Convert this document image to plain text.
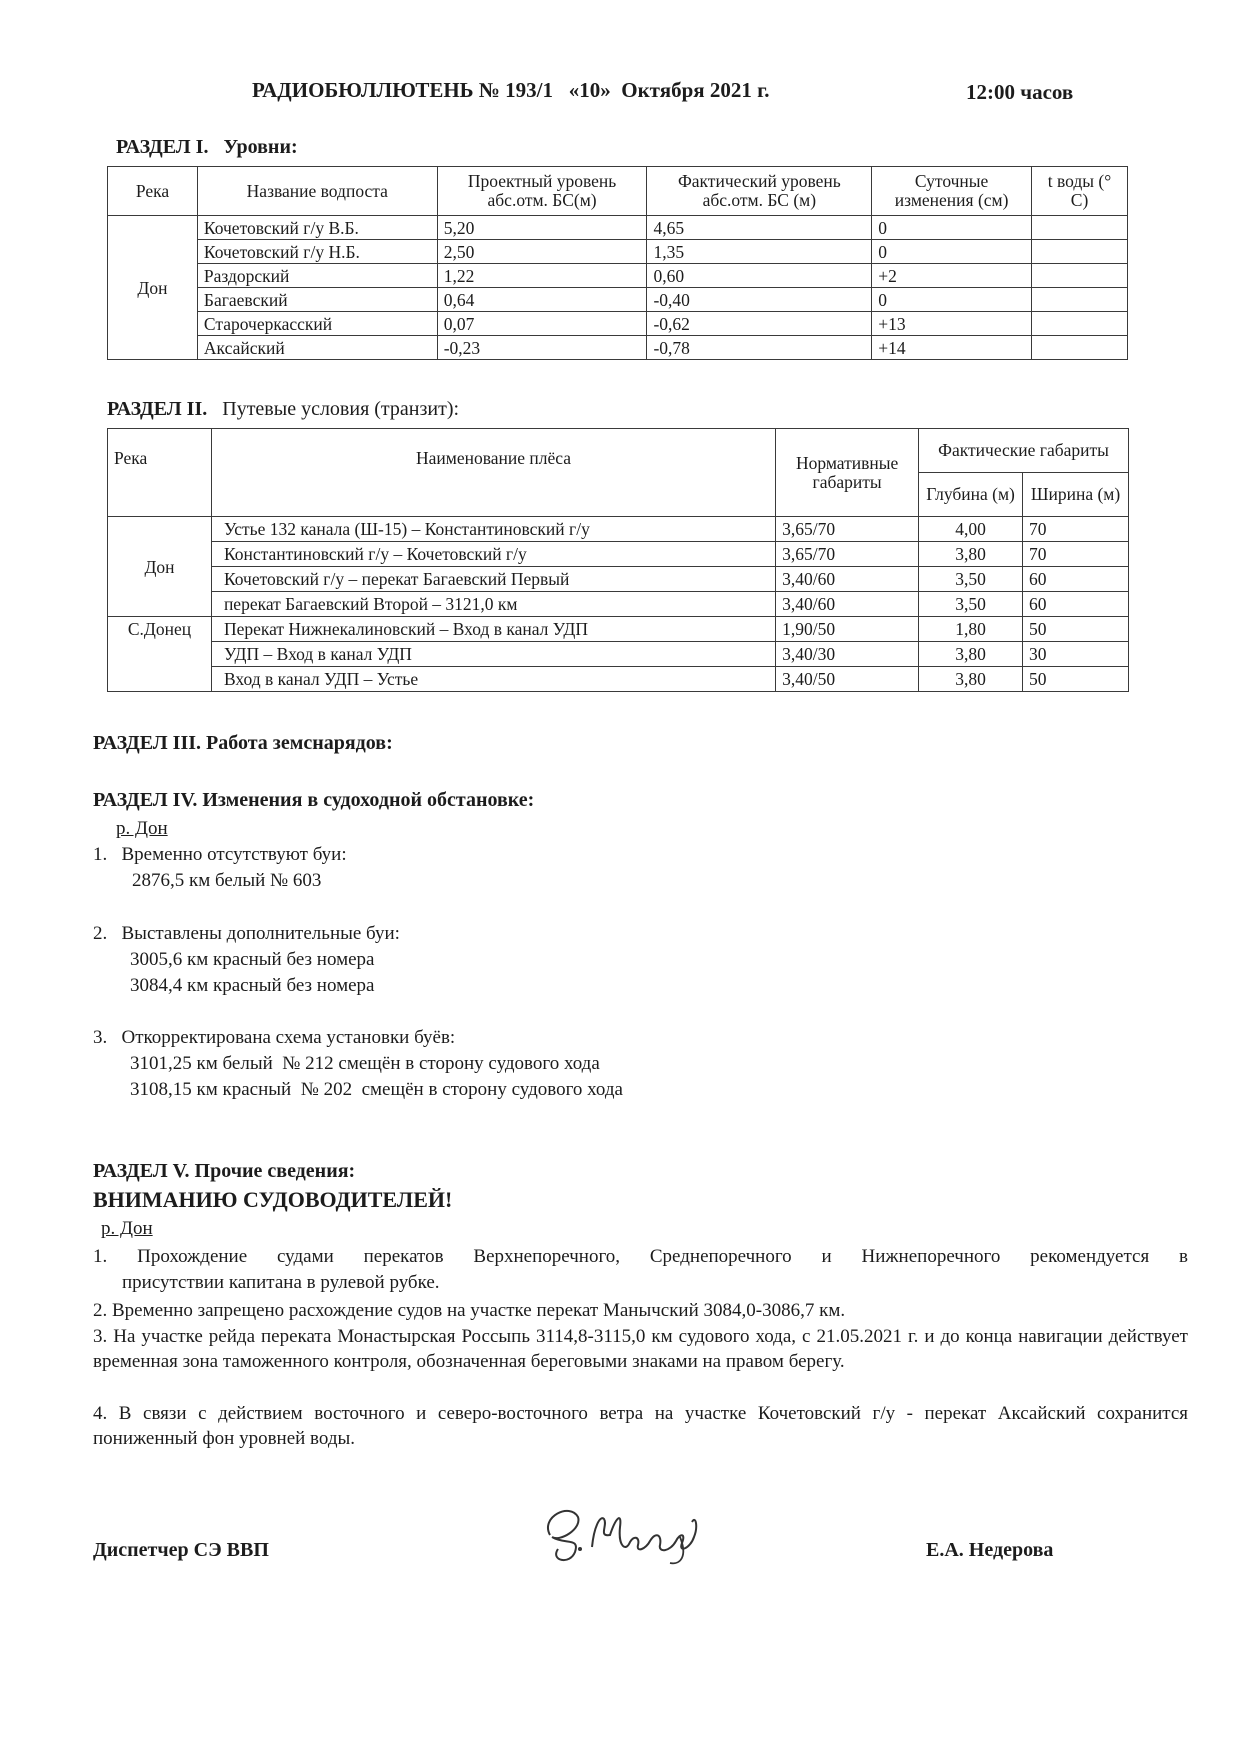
РАДИОБЮЛЛЮТЕНЬ № 193/1   «10»  Октября 2021 г.	12:00 часов
РАЗДЕЛ I. Уровни:
Река	Название водпоста	Проектный уровень абс.отм. БС(м)	Фактический уровень абс.отм. БС (м)	Суточные изменения (см)	t воды (° С)
Дон	Кочетовский г/у В.Б.	5,20	4,65	0	
	Кочетовский г/у Н.Б.	2,50	1,35	0	
	Раздорский	1,22	0,60	+2	
	Багаевский	0,64	-0,40	0	
	Старочеркасский	0,07	-0,62	+13	
	Аксайский	-0,23	-0,78	+14	
РАЗДЕЛ II. Путевые условия (транзит):
Река	Наименование плёса	Нормативные габариты	Фактические габариты	
			Глубина (м)	Ширина (м)
Дон	Устье 132 канала (Ш-15) – Константиновский г/у	3,65/70	4,00	70
	Константиновский г/у – Кочетовский г/у	3,65/70	3,80	70
	Кочетовский г/у – перекат Багаевский Первый	3,40/60	3,50	60
	перекат Багаевский Второй – 3121,0 км	3,40/60	3,50	60
С.Донец	Перекат Нижнекалиновский – Вход в канал УДП	1,90/50	1,80	50
	УДП – Вход в канал УДП	3,40/30	3,80	30
	Вход в канал УДП – Устье	3,40/50	3,80	50
РАЗДЕЛ III. Работа земснарядов:
РАЗДЕЛ IV. Изменения в судоходной обстановке:
р. Дон
1. Временно отсутствуют буи:
2876,5 км белый № 603
2. Выставлены дополнительные буи:
3005,6 км красный без номера
3084,4 км красный без номера
3. Откорректирована схема установки буёв:
3101,25 км белый  № 212 смещён в сторону судового хода
3108,15 км красный  № 202  смещён в сторону судового хода
РАЗДЕЛ V. Прочие сведения:
ВНИМАНИЮ СУДОВОДИТЕЛЕЙ!
р. Дон
1. Прохождение судами перекатов Верхнепоречного, Среднепоречного и Нижнепоречного рекомендуется в
присутствии капитана в рулевой рубке.
2. Временно запрещено расхождение судов на участке перекат Манычский 3084,0-3086,7 км.
3. На участке рейда переката Монастырская Россыпь 3114,8-3115,0 км судового хода, с 21.05.2021 г. и до конца навигации действует временная зона таможенного контроля, обозначенная береговыми знаками на правом берегу.
4. В связи с действием восточного и северо-восточного ветра на участке Кочетовский г/у - перекат Аксайский сохранится пониженный фон уровней воды.
Диспетчер СЭ ВВП	Е.А. Недерова
